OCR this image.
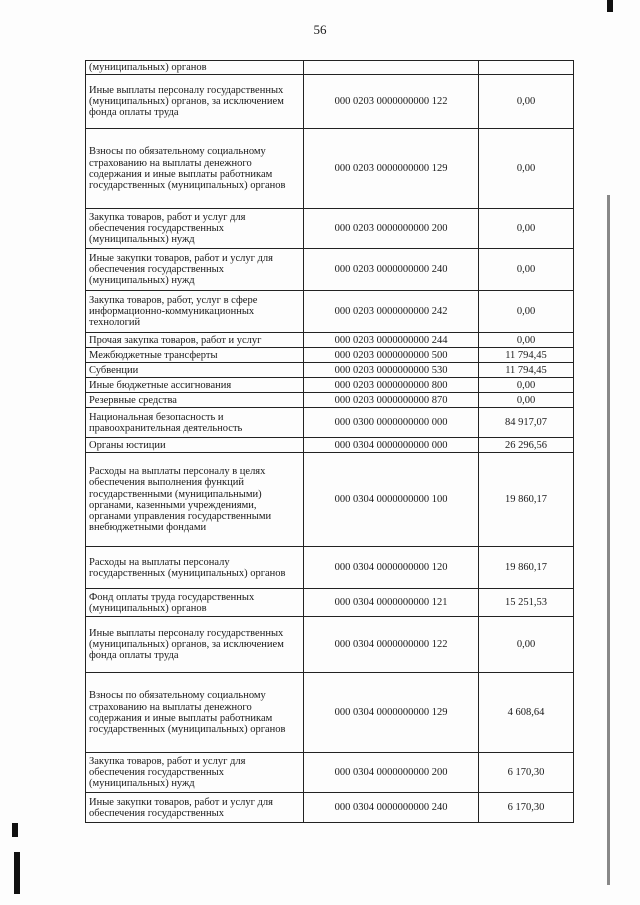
56
(муниципальных) органов		
Иные выплаты персоналу государственных (муниципальных) органов, за исключением фонда оплаты труда	000 0203 0000000000 122	0,00
Взносы по обязательному социальному страхованию на выплаты денежного содержания и иные выплаты работникам государственных (муниципальных) органов	000 0203 0000000000 129	0,00
Закупка товаров, работ и услуг для обеспечения государственных (муниципальных) нужд	000 0203 0000000000 200	0,00
Иные закупки товаров, работ и услуг для обеспечения государственных (муниципальных) нужд	000 0203 0000000000 240	0,00
Закупка товаров, работ, услуг в сфере информационно-коммуникационных технологий	000 0203 0000000000 242	0,00
Прочая закупка товаров, работ и услуг	000 0203 0000000000 244	0,00
Межбюджетные трансферты	000 0203 0000000000 500	11 794,45
Субвенции	000 0203 0000000000 530	11 794,45
Иные бюджетные ассигнования	000 0203 0000000000 800	0,00
Резервные средства	000 0203 0000000000 870	0,00
Национальная безопасность и правоохранительная деятельность	000 0300 0000000000 000	84 917,07
Органы юстиции	000 0304 0000000000 000	26 296,56
Расходы на выплаты персоналу в целях обеспечения выполнения функций государственными (муниципальными) органами, казенными учреждениями, органами управления государственными внебюджетными фондами	000 0304 0000000000 100	19 860,17
Расходы на выплаты персоналу государственных (муниципальных) органов	000 0304 0000000000 120	19 860,17
Фонд оплаты труда государственных (муниципальных) органов	000 0304 0000000000 121	15 251,53
Иные выплаты персоналу государственных (муниципальных) органов, за исключением фонда оплаты труда	000 0304 0000000000 122	0,00
Взносы по обязательному социальному страхованию на выплаты денежного содержания и иные выплаты работникам государственных (муниципальных) органов	000 0304 0000000000 129	4 608,64
Закупка товаров, работ и услуг для обеспечения государственных (муниципальных) нужд	000 0304 0000000000 200	6 170,30
Иные закупки товаров, работ и услуг для обеспечения государственных	000 0304 0000000000 240	6 170,30
